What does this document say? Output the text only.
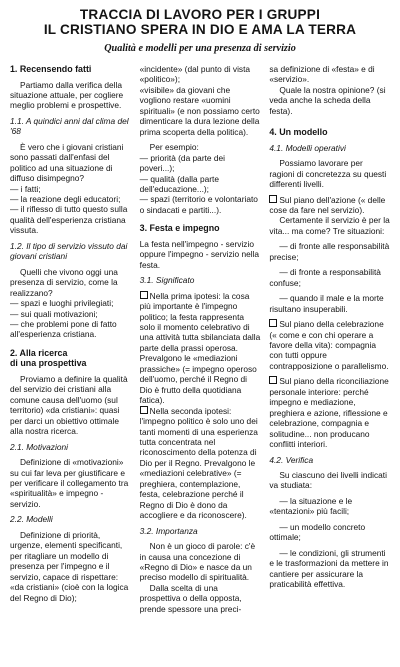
TRACCIA DI LAVORO PER I GRUPPI
IL CRISTIANO SPERA IN DIO E AMA LA TERRA

Qualità e modelli per una presenza di servizio

1. Recensendo fatti

Partiamo dalla verifica della situazione attuale, per cogliere meglio problemi e prospettive.

1.1. A quindici anni dal clima del '68

È vero che i giovani cristiani sono passati dall'enfasi del politico ad una situazione di diffuso disimpegno?

— i fatti;

— la reazione degli educatori;

— il riflesso di tutto questo sulla qualità dell'esperienza cristiana vissuta.

1.2. Il tipo di servizio vissuto dai giovani cristiani

Quelli che vivono oggi una presenza di servizio, come la realizzano?

— spazi e luoghi privilegiati;

— sui quali motivazioni;

— che problemi pone di fatto all'esperienza cristiana.

2. Alla ricerca
di una prospettiva

Proviamo a definire la qualità del servizio dei cristiani alla comune causa dell'uomo (sul territorio) «da cristiani»: quasi per darci un obiettivo ottimale alla nostra ricerca.

2.1. Motivazioni

Definizione di «motivazioni» su cui far leva per giustificare e per verificare il collegamento tra «spiritualità» e impegno - servizio.

2.2. Modelli

Definizione di priorità, urgenze, elementi specificanti, per ritagliare un modello di presenza per l'impegno e il servizio, capace di rispettare: «da cristiani» (cioè con la logica del Regno di Dio);

«incidente» (dal punto di vista «politico»);

«visibile» da giovani che vogliono restare «uomini spirituali» (e non possiamo certo dimenticare la dura lezione della prima scoperta della politica).

Per esempio:

— priorità (da parte dei poveri...);

— qualità (dalla parte dell'educazione...);

— spazi (territorio e volontariato o sindacati e partiti...).

3. Festa e impegno

La festa nell'impegno - servizio oppure l'impegno - servizio nella festa.

3.1. Significato

Nella prima ipotesi: la cosa più importante è l'impegno politico; la festa rappresenta solo il momento celebrativo di una attività tutta sbilanciata dalla parte della prassi operosa. Prevalgono le «mediazioni prassiche» (= impegno operoso dell'uomo, perché il Regno di Dio è frutto della quotidiana fatica).

Nella seconda ipotesi: l'impegno politico è solo uno dei tanti momenti di una esperienza tutta concentrata nel riconoscimento della potenza di Dio per il Regno. Prevalgono le «mediazioni celebrative» (= preghiera, contemplazione, festa, celebrazione perché il Regno di Dio è dono da accogliere e da riconoscere).

3.2. Importanza

Non è un gioco di parole: c'è in causa una concezione di «Regno di Dio» e nasce da un preciso modello di spiritualità.

Dalla scelta di una prospettiva o della opposta, prende spessore una preci-

sa definizione di «festa» e di «servizio».

Quale la nostra opinione? (si veda anche la scheda della festa).

4. Un modello

4.1. Modelli operativi

Possiamo lavorare per ragioni di concretezza su questi differenti livelli.

Sul piano dell'azione (« delle cose da fare nel servizio).

Certamente il servizio è per la vita... ma come? Tre situazioni:

— di fronte alle responsabilità precise;

— di fronte a responsabilità confuse;

— quando il male e la morte risultano insuperabili.

Sul piano della celebrazione (« come e con chi operare a favore della vita): compagnia con tutti oppure contrapposizione o parallelismo.

Sul piano della riconciliazione personale interiore: perché impegno e mediazione, preghiera e azione, riflessione e celebrazione, compagnia e solitudine... non producano conflitti interiori.

4.2. Verifica

Su ciascuno dei livelli indicati va studiata:

— la situazione e le «tentazioni» più facili;

— un modello concreto ottimale;

— le condizioni, gli strumenti e le trasformazioni da mettere in cantiere per assicurare la praticabilità effettiva.
